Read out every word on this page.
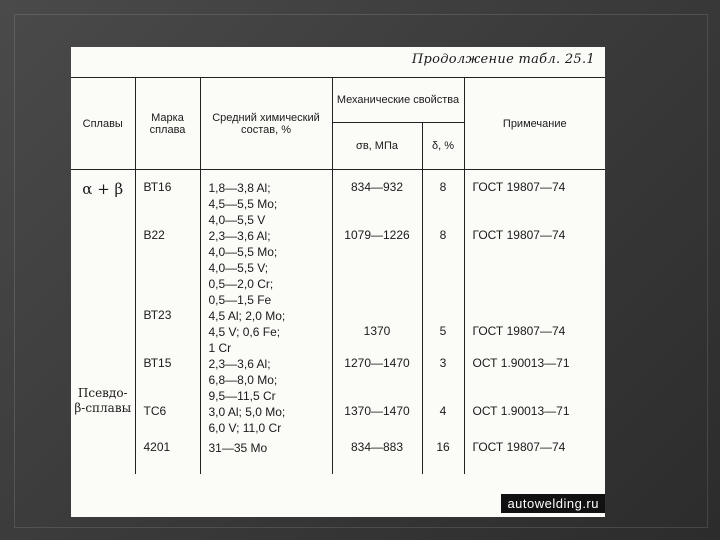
Продолжение табл. 25.1
Сплавы	Марка сплава	Средний химический состав, %	Механические свойства		Примечание
			σв, МПа	δ, %	

α + β	ВТ16	1,8—3,8 Al;
4,5—5,5 Mo;
4,0—5,5 V	834—932	8	ГОСТ 19807—74
	В22	2,3—3,6 Al;
4,0—5,5 Mo;
4,0—5,5 V;
0,5—2,0 Cr;
0,5—1,5 Fe	1079—1226	8	ГОСТ 19807—74
	ВТ23	4,5 Al; 2,0 Mo;
4,5 V; 0,6 Fe;
1 Cr	1370	5	ГОСТ 19807—74
	ВТ15	2,3—3,6 Al;
6,8—8,0 Mo;
9,5—11,5 Cr	1270—1470	3	ОСТ 1.90013—71
Псевдо-β-сплавы	ТС6	3,0 Al; 5,0 Mo;
6,0 V; 11,0 Cr	1370—1470	4	ОСТ 1.90013—71
	4201	31—35 Mo	834—883	16	ГОСТ 19807—74

autowelding.ru
